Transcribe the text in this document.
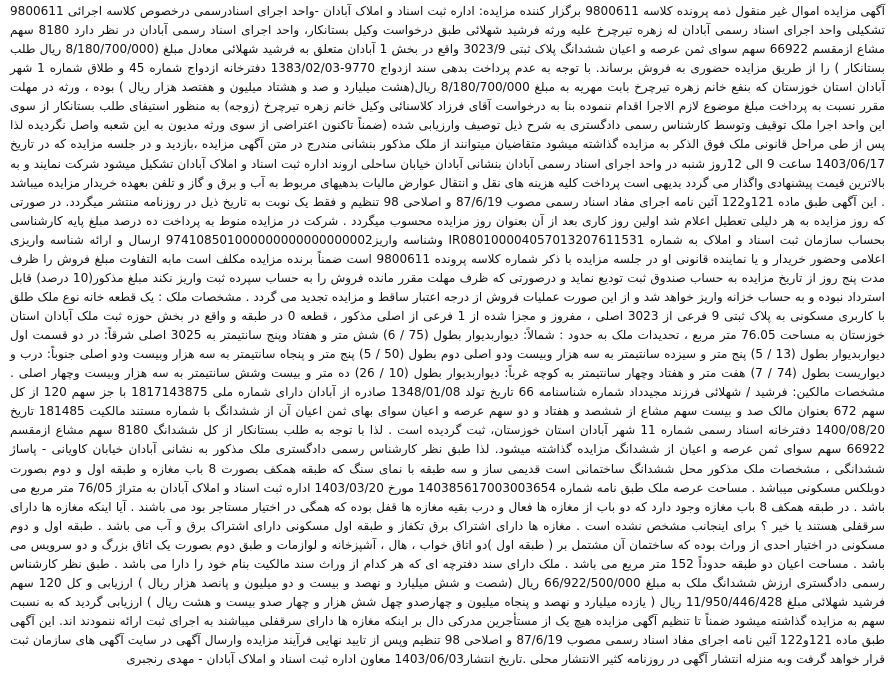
آگهی مزایده اموال غیر منقول ذمه پرونده کلاسه 9800611 برگزار کننده مزایده: اداره ثبت اسناد و املاک آبادان -واحد اجرای اسنادرسمی درخصوص کلاسه اجرائی 9800611 تشکیلی واحد اجرای اسناد رسمی آبادان له زهره تیرچرخ علیه ورثه فرشید شهلائی طبق درخواست وکیل بستانکار، واحد اجرای اسناد رسمی آبادان در نظر دارد 8180 سهم مشاع ازمقسم 66922 سهم سوای ثمن عرصه و اعیان ششدانگ پلاک ثبتی 3023/9 واقع در بخش 1 آبادان متعلق به فرشید شهلائی معادل مبلغ (8/180/700/000 ریال طلب بستانکار ) را از طریق مزایده حضوری به فروش برساند. با توجه به عدم پرداخت بدهی سند ازدواج 9770-1383/02/03 دفترخانه ازدواج شماره 45 و طلاق شماره 1 شهر آبادان استان خوزستان که بنفع خانم زهره تیرچرخ بابت مهریه به مبلغ 8/180/700/000 ریال(هشت میلیارد و صد و هشتاد میلیون و هفتصد هزار ریال ) بوده ، ورثه در مهلت مقرر نسبت به پرداخت مبلغ موضوع لازم الاجرا اقدام ننموده بنا به درخواست آقای فرزاد کلاسنائی وکیل خانم زهره تیرچرخ (زوجه) به منظور استیفای طلب بستانکار از سوی این واحد اجرا ملک توقیف وتوسط کارشناس رسمی دادگستری به شرح ذیل توصیف وارزیابی شده (ضمناً تاکنون اعتراضی از سوی ورثه مدیون به این شعبه واصل نگردیده لذا پس از طی مراحل قانونی ملک فوق الذکر به مزایده گذاشته میشود متقاضیان میتوانند از ملک مذکور بنشانی مندرج در متن آگهی مزایده ،بازدید و در جلسه مزایده که در تاریخ 1403/06/17 ساعت 9 الی 12روز شنبه در واحد اجرای اسناد رسمی آبادان بنشانی آبادان خیابان ساحلی اروند اداره ثبت اسناد و املاک آبادان تشکیل میشود شرکت نمایند و به بالاترین قیمت پیشنهادی واگذار می گردد بدیهی است پرداخت کلیه هزینه های نقل و انتقال عوارض مالیات بدهیهای مربوط به آب و برق و گاز و تلفن بعهده خریدار مزایده میباشد . این آگهی طبق ماده 121و122 آئین نامه اجرای مفاد اسناد رسمی مصوب 87/6/19 و اصلاحی 98 تنظیم و فقط یک نوبت به تاریخ ذیل در روزنامه منتشر میگردد. در صورتی که روز مزایده به هر دلیلی تعطیل اعلام شد اولین روز کاری بعد از آن بعنوان روز مزایده محسوب میگردد . شرکت در مزایده منوط به پرداخت ده درصد مبلغ پایه کارشناسی بحساب سازمان ثبت اسناد و املاک به شماره IR080100004057013207611531 وشناسه واریز974108501000000000000000002 ارسال و ارائه شناسه واریزی اعلامی وحضور خریدار و یا نماینده قانونی او در جلسه مزایده با ذکر شماره کلاسه پرونده 9800611 است ضمناً برنده مزایده مکلف است مابه التفاوت مبلغ فروش را ظرف مدت پنج روز از تاریخ مزایده به حساب صندوق ثبت تودیع نماید و درصورتی که ظرف مهلت مقرر مانده فروش را به حساب سپرده ثبت واریز نکند مبلغ مذکور(10 درصد) قابل استرداد نبوده و به حساب خزانه واریز خواهد شد و از این صورت عملیات فروش از درجه اعتبار ساقط و مزایده تجدید می گردد . مشخصات ملک : یک قطعه خانه نوع ملک طلق با کاربری مسکونی به پلاک ثبتی 9 فرعی از 3023 اصلی ، مفروز و مجزا شده از 1 فرعی از اصلی مذکور ، قطعه 0 در طبقه و واقع در بخش حوزه ثبت ملک آبادان استان خوزستان به مساحت 76.05 متر مربع ، تحدیدات ملک به حدود : شمالاً: دیواربدیوار بطول (75 / 6) شش متر و هفتاد وپنج سانتیمتر به 3025 اصلی شرقاً: در دو قسمت اول دیواربدیوار بطول (13 / 5) پنج متر و سیزده سانتیمتر به سه هزار وبیست ودو اصلی دوم بطول (50 / 5) پنج متر و پنجاه سانتیمتر به سه هزار وبیست ودو اصلی جنوباً: درب و دیواریست بطول (74 / 7) هفت متر و هفتاد وچهار سانتیمتر به کوچه غرباً: دیواربدیوار بطول (10 / 26) ده متر و بیست وشش سانتیمتر به سه هزار وبیست وچهار اصلی . مشخصات مالکین: فرشید / شهلائی فرزند مجیدداد شماره شناسنامه 66 تاریخ تولد 1348/01/08 صادره از آبادان دارای شماره ملی 1817143875 با جز سهم 120 از کل سهم 672 بعنوان مالک صد و بیست سهم مشاع از ششصد و هفتاد و دو سهم عرصه و اعیان سوای بهای ثمن اعیان آن از ششدانگ با شماره مستند مالکیت 181485 تاریخ 1400/08/20 دفترخانه اسناد رسمی شماره 11 شهر آبادان استان خوزستان، ثبت گردیده است . لذا با توجه به طلب بستانکار از کل ششدانگ 8180 سهم مشاع ازمقسم 66922 سهم سوای ثمن عرصه و اعیان از ششدانگ مزایده گذاشته میشود. لذا طبق نظر کارشناس رسمی دادگستری ملک مذکور به نشانی آبادان خیابان کاویانی - پاساژ ششدانگی ، مشخصات ملک مذکور محل ششدانگ ساختمانی است قدیمی ساز و سه طبقه با نمای سنگ که طبقه همکف بصورت 8 باب مغازه و طبقه اول و دوم بصورت دوبلکس مسکونی میباشد . مساحت عرصه ملک طبق نامه شماره 140385617003003654 مورخ 1403/03/20 اداره ثبت اسناد و املاک آبادان به متراژ 76/05 متر مربع می باشد . در طبقه همکف 8 باب مغازه وجود دارد که دو باب از مغازه ها فعال و درب بقیه مغازه ها قفل بوده که همگی در اختیار مستاجر بود می باشند . آیا اینکه مغازه ها دارای سرقفلی هستند یا خیر ؟ برای اینجانب مشخص نشده است . مغازه ها دارای اشتراک برق تکفاز و طبقه اول مسکونی دارای اشتراک برق و آب می باشد . طبقه اول و دوم مسکونی در اختیار احدی از وراث بوده که ساختمان آن مشتمل بر ( طبقه اول )دو اتاق خواب ، هال ، آشپزخانه و لوازمات و طبق دوم بصورت یک اتاق بزرگ و دو سرویس می باشد . مساحت اعیان دو طبقه حدوداً 152 متر مربع می باشد . ملک دارای سند دفترچه ای که هر کدام از وراث سند مالکیت بنام خود را دارا می باشد . طبق نظر کارشناس رسمی دادگستری ارزش ششدانگ ملک به مبلغ 66/922/500/000 ریال (شصت و شش میلیارد و نهصد و بیست و دو میلیون و پانصد هزار ریال ) ارزیابی و کل 120 سهم فرشید شهلائی مبلغ 11/950/446/428 ریال ( یازده میلیارد و نهصد و پنجاه میلیون و چهارصدو چهل شش هزار و چهار صدو بیست و هشت ریال ) ارزیابی گردید که به نسبت سهم به مزایده گذاشته میشود ضمناً تا تنظیم آگهی مزایده هیچ یک از مستأجرین مدرکی دال بر اینکه مغازه ها دارای سرقفلی میباشند به اجرای ثبت ارائه ننمودند اند. این آگهی طبق ماده 121و122 آئین نامه اجرای مفاد اسناد رسمی مصوب 87/6/19 و اصلاحی 98 تنظیم وپس از تایید نهایی فرآیند مزایده وارسال آگهی در سایت آگهی های سازمان ثبت قرار خواهد گرفت وبه منزله انتشار آگهی در روزنامه کثیر الانتشار محلی .تاریخ انتشار1403/06/03 معاون اداره ثبت اسناد و املاک آبادان - مهدی رنجبری
